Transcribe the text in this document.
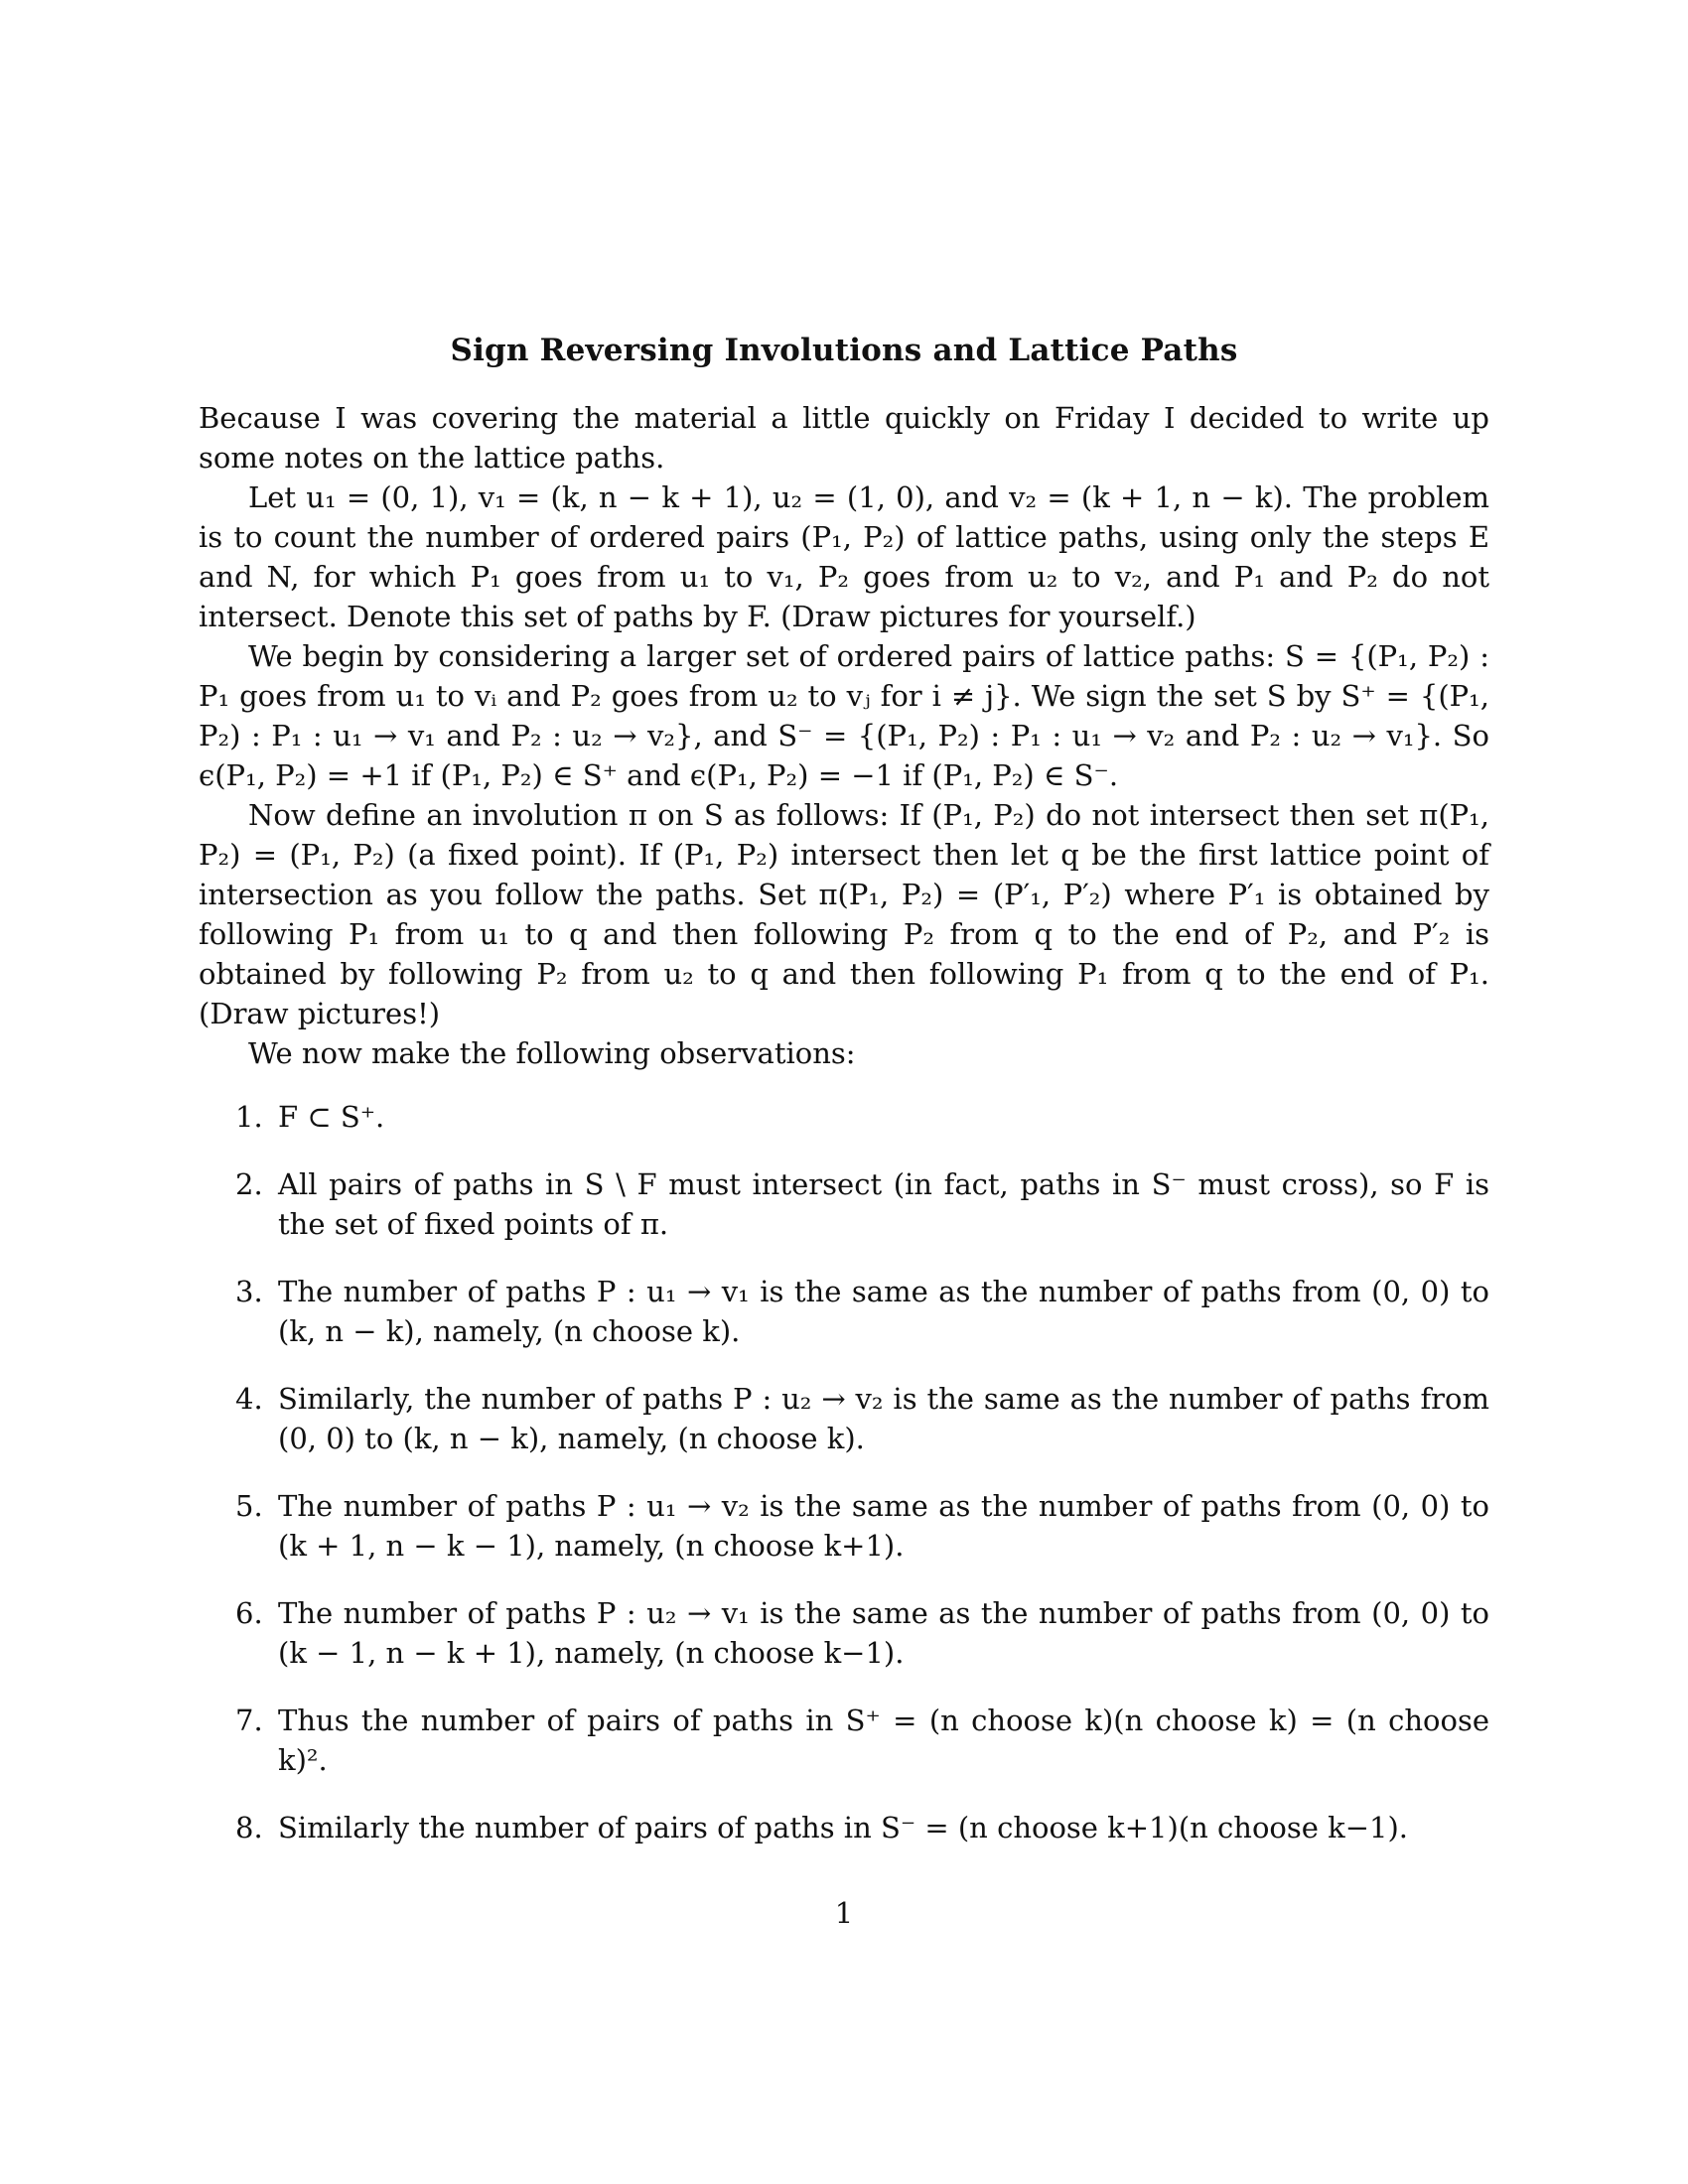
Sign Reversing Involutions and Lattice Paths

Because I was covering the material a little quickly on Friday I decided to write up some notes on the lattice paths.

Let u₁ = (0, 1), v₁ = (k, n − k + 1), u₂ = (1, 0), and v₂ = (k + 1, n − k). The problem is to count the number of ordered pairs (P₁, P₂) of lattice paths, using only the steps E and N, for which P₁ goes from u₁ to v₁, P₂ goes from u₂ to v₂, and P₁ and P₂ do not intersect. Denote this set of paths by F. (Draw pictures for yourself.)

We begin by considering a larger set of ordered pairs of lattice paths: S = {(P₁, P₂) : P₁ goes from u₁ to vᵢ and P₂ goes from u₂ to vⱼ for i ≠ j}. We sign the set S by S⁺ = {(P₁, P₂) : P₁ : u₁ → v₁ and P₂ : u₂ → v₂}, and S⁻ = {(P₁, P₂) : P₁ : u₁ → v₂ and P₂ : u₂ → v₁}. So ϵ(P₁, P₂) = +1 if (P₁, P₂) ∈ S⁺ and ϵ(P₁, P₂) = −1 if (P₁, P₂) ∈ S⁻.

Now define an involution π on S as follows: If (P₁, P₂) do not intersect then set π(P₁, P₂) = (P₁, P₂) (a fixed point). If (P₁, P₂) intersect then let q be the first lattice point of intersection as you follow the paths. Set π(P₁, P₂) = (P′₁, P′₂) where P′₁ is obtained by following P₁ from u₁ to q and then following P₂ from q to the end of P₂, and P′₂ is obtained by following P₂ from u₂ to q and then following P₁ from q to the end of P₁. (Draw pictures!)

We now make the following observations:

1. F ⊂ S⁺.
2. All pairs of paths in S \ F must intersect (in fact, paths in S⁻ must cross), so F is the set of fixed points of π.
3. The number of paths P : u₁ → v₁ is the same as the number of paths from (0, 0) to (k, n − k), namely, (n choose k).
4. Similarly, the number of paths P : u₂ → v₂ is the same as the number of paths from (0, 0) to (k, n − k), namely, (n choose k).
5. The number of paths P : u₁ → v₂ is the same as the number of paths from (0, 0) to (k + 1, n − k − 1), namely, (n choose k+1).
6. The number of paths P : u₂ → v₁ is the same as the number of paths from (0, 0) to (k − 1, n − k + 1), namely, (n choose k−1).
7. Thus the number of pairs of paths in S⁺ = (n choose k)(n choose k) = (n choose k)².
8. Similarly the number of pairs of paths in S⁻ = (n choose k+1)(n choose k−1).
1
